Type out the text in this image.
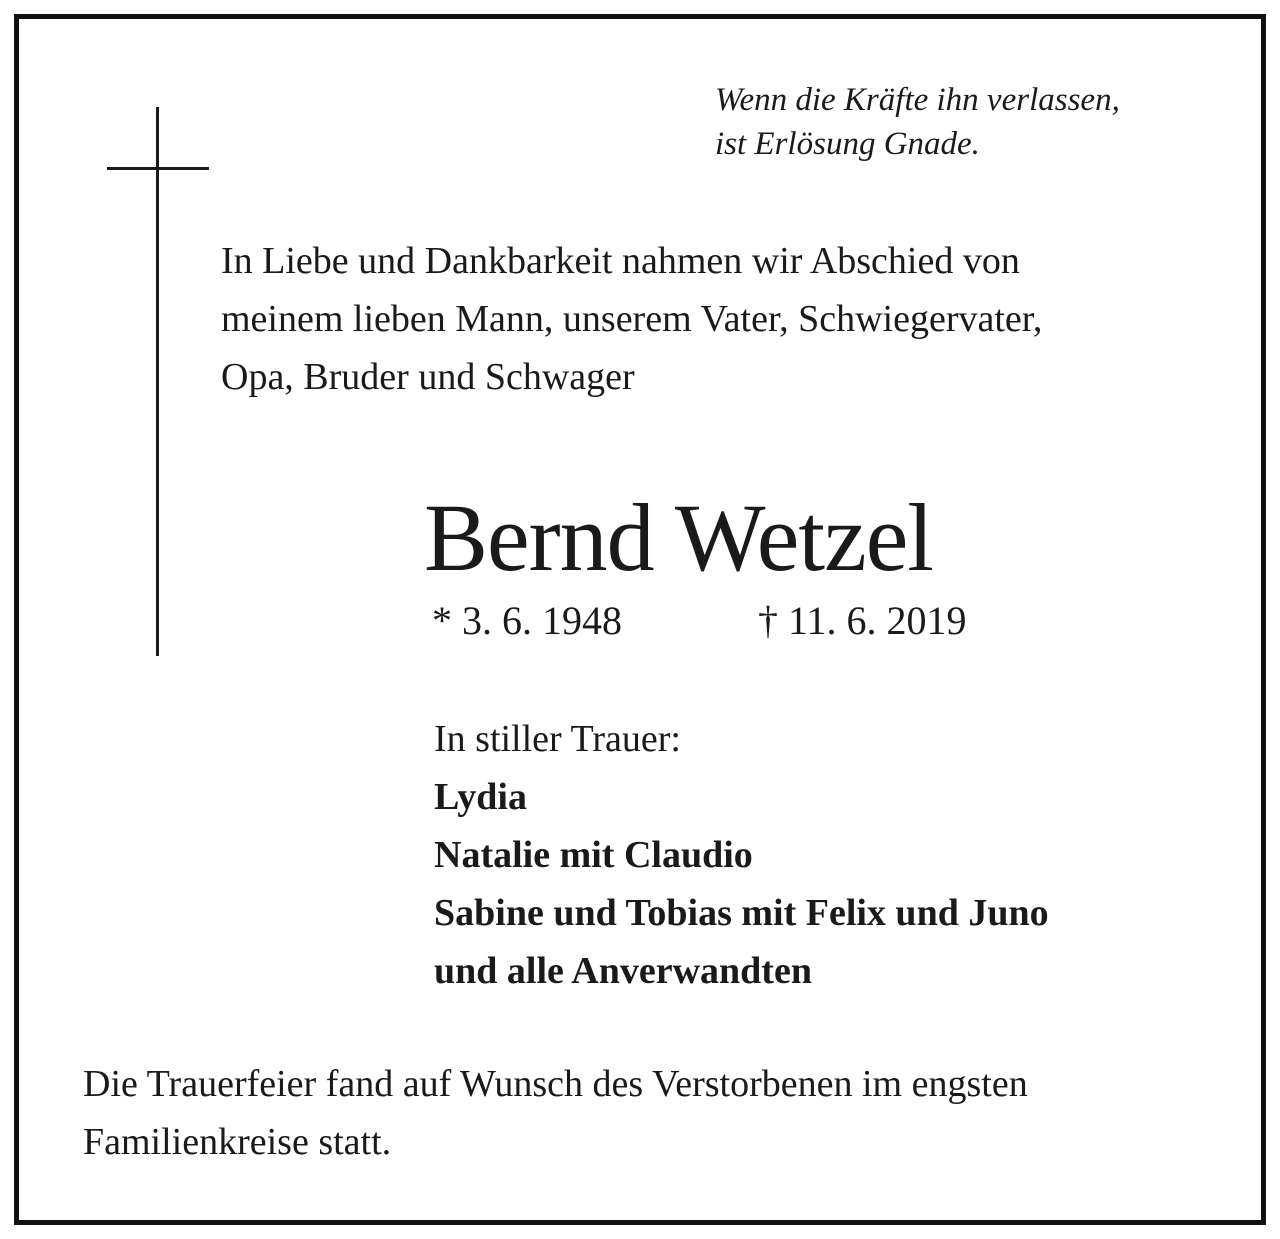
Wenn die Kräfte ihn verlassen,
ist Erlösung Gnade.
In Liebe und Dankbarkeit nahmen wir Abschied von
meinem lieben Mann, unserem Vater, Schwiegervater,
Opa, Bruder und Schwager
Bernd Wetzel
* 3. 6. 1948	† 11. 6. 2019
In stiller Trauer:
Lydia
Natalie mit Claudio
Sabine und Tobias mit Felix und Juno
und alle Anverwandten
Die Trauerfeier fand auf Wunsch des Verstorbenen im engsten
Familienkreise statt.
